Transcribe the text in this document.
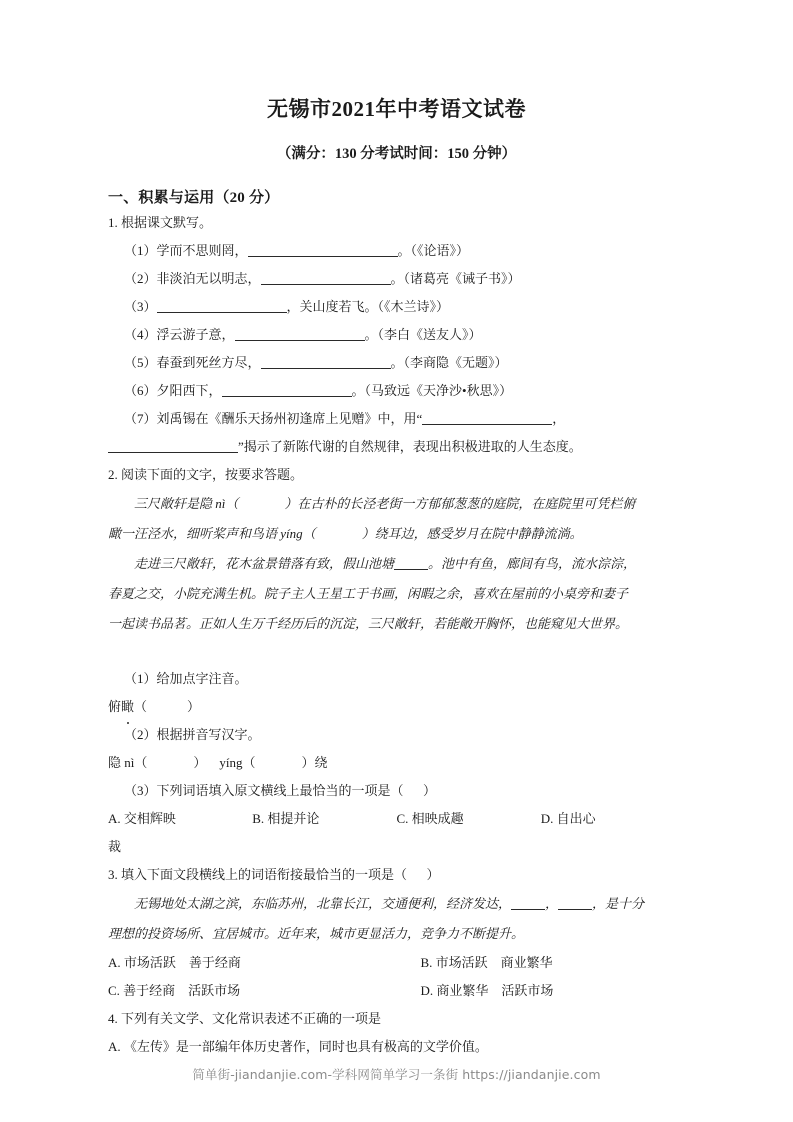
无锡市2021年中考语文试卷

（满分：130 分考试时间：150 分钟）

一、积累与运用（20 分）

1. 根据课文默写。

（1）学而不思则罔，	。（《论语》）

（2）非淡泊无以明志，	。（诸葛亮《诫子书》）

（3）	，关山度若飞。（《木兰诗》）

（4）浮云游子意，	。（李白《送友人》）

（5）春蚕到死丝方尽，	。（李商隐《无题》）

（6）夕阳西下，	。（马致远《天净沙•秋思》）

（7）刘禹锡在《酬乐天扬州初逢席上见赠》中，用“	，

”揭示了新陈代谢的自然规律，表现出积极进取的人生态度。

2. 阅读下面的文字，按要求答题。

三尺敞轩是隐 nì（	）在古朴的长泾老街一方郁郁葱葱的庭院，在庭院里可凭栏俯

瞰一汪泾水，细听桨声和鸟语 yíng（	）绕耳边，感受岁月在院中静静流淌。

走进三尺敞轩，花木盆景错落有致，假山池塘	。池中有鱼，廊间有鸟，流水淙淙，

春夏之交，小院充满生机。院子主人王星工于书画，闲暇之余，喜欢在屋前的小桌旁和妻子

一起读书品茗。正如人生万千经历后的沉淀，三尺敞轩，若能敞开胸怀，也能窥见大世界。

（1）给加点字注音。

俯瞰（	）

（2）根据拼音写汉字。

隐 nì（	） yíng（	）绕

（3）下列词语填入原文横线上最恰当的一项是（      ）

A. 交相辉映	B. 相提并论	C. 相映成趣	D. 自出心

裁

3. 填入下面文段横线上的词语衔接最恰当的一项是（      ）

无锡地处太湖之滨，东临苏州，北靠长江，交通便利，经济发达，	，	，是十分

理想的投资场所、宜居城市。近年来，城市更显活力，竞争力不断提升。

A. 市场活跃　善于经商	B. 市场活跃　商业繁华
C. 善于经商　活跃市场	D. 商业繁华　活跃市场

4. 下列有关文学、文化常识表述不正确的一项是

A. 《左传》是一部编年体历史著作，同时也具有极高的文学价值。

简单街-jiandanjie.com-学科网简单学习一条街 https://jiandanjie.com
